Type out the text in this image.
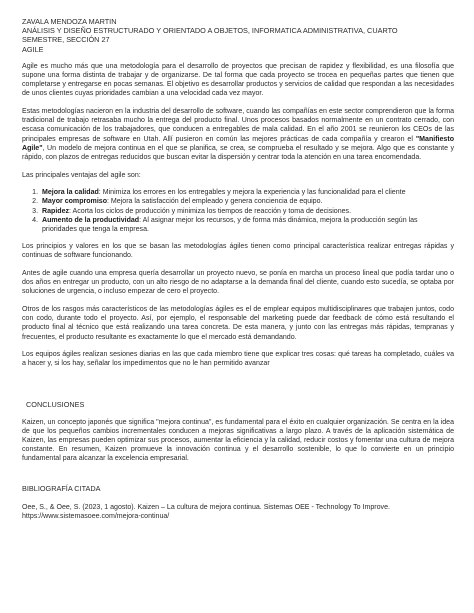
ZAVALA MENDOZA MARTIN

ANÁLISIS Y DISEÑO ESTRUCTURADO Y ORIENTADO A OBJETOS, INFORMATICA ADMINISTRATIVA, CUARTO

SEMESTRE, SECCIÓN 27

AGILE

Agile es mucho más que una metodología para el desarrollo de proyectos que precisan de rapidez y flexibilidad, es una filosofía que supone una forma distinta de trabajar y de organizarse. De tal forma que cada proyecto se trocea en pequeñas partes que tienen que completarse y entregarse en pocas semanas. El objetivo es desarrollar productos y servicios de calidad que respondan a las necesidades de unos clientes cuyas prioridades cambian a una velocidad cada vez mayor.

Estas metodologías nacieron en la industria del desarrollo de software, cuando las compañías en este sector comprendieron que la forma tradicional de trabajo retrasaba mucho la entrega del producto final. Unos procesos basados normalmente en un contrato cerrado, con escasa comunicación de los trabajadores, que conducen a entregables de mala calidad. En el año 2001 se reunieron los CEOs de las principales empresas de software en Utah. Allí pusieron en común las mejores prácticas de cada compañía y crearon el "Manifiesto Agile", Un modelo de mejora continua en el que se planifica, se crea, se comprueba el resultado y se mejora. Algo que es constante y rápido, con plazos de entregas reducidos que buscan evitar la dispersión y centrar toda la atención en una tarea encomendada.

Las principales ventajas del agile son:

1. Mejora la calidad: Minimiza los errores en los entregables y mejora la experiencia y las funcionalidad para el cliente
2. Mayor compromiso: Mejora la satisfacción del empleado y genera conciencia de equipo.
3. Rapidez: Acorta los ciclos de producción y minimiza los tiempos de reacción y toma de decisiones.
4. Aumento de la productividad: Al asignar mejor los recursos, y de forma más dinámica, mejora la producción según las prioridades que tenga la empresa.

Los principios y valores en los que se basan las metodologías ágiles tienen como principal característica realizar entregas rápidas y continuas de software funcionando.

Antes de agile cuando una empresa quería desarrollar un proyecto nuevo, se ponía en marcha un proceso lineal que podía tardar uno o dos años en entregar un producto, con un alto riesgo de no adaptarse a la demanda final del cliente, cuando esto sucedía, se optaba por soluciones de urgencia, o incluso empezar de cero el proyecto.

Otros de los rasgos más característicos de las metodologías ágiles es el de emplear equipos multidisciplinares que trabajen juntos, codo con codo, durante todo el proyecto. Así, por ejemplo, el responsable del marketing puede dar feedback de cómo está resultando el producto final al técnico que está realizando una tarea concreta. De esta manera, y junto con las entregas más rápidas, tempranas y frecuentes, el producto resultante es exactamente lo que el mercado está demandando.

Los equipos ágiles realizan sesiones diarias en las que cada miembro tiene que explicar tres cosas: qué tareas ha completado, cuáles va a hacer y, si los hay, señalar los impedimentos que no le han permitido avanzar

CONCLUSIONES

Kaizen, un concepto japonés que significa "mejora continua", es fundamental para el éxito en cualquier organización. Se centra en la idea de que los pequeños cambios incrementales conducen a mejoras significativas a largo plazo. A través de la aplicación sistemática de Kaizen, las empresas pueden optimizar sus procesos, aumentar la eficiencia y la calidad, reducir costos y fomentar una cultura de mejora constante. En resumen, Kaizen promueve la innovación continua y el desarrollo sostenible, lo que lo convierte en un principio fundamental para alcanzar la excelencia empresarial.

BIBLIOGRAFÍA CITADA

Oee, S., & Oee, S. (2023, 1 agosto). Kaizen – La cultura de mejora continua. Sistemas OEE - Technology To Improve.

https://www.sistemasoee.com/mejora-continua/
